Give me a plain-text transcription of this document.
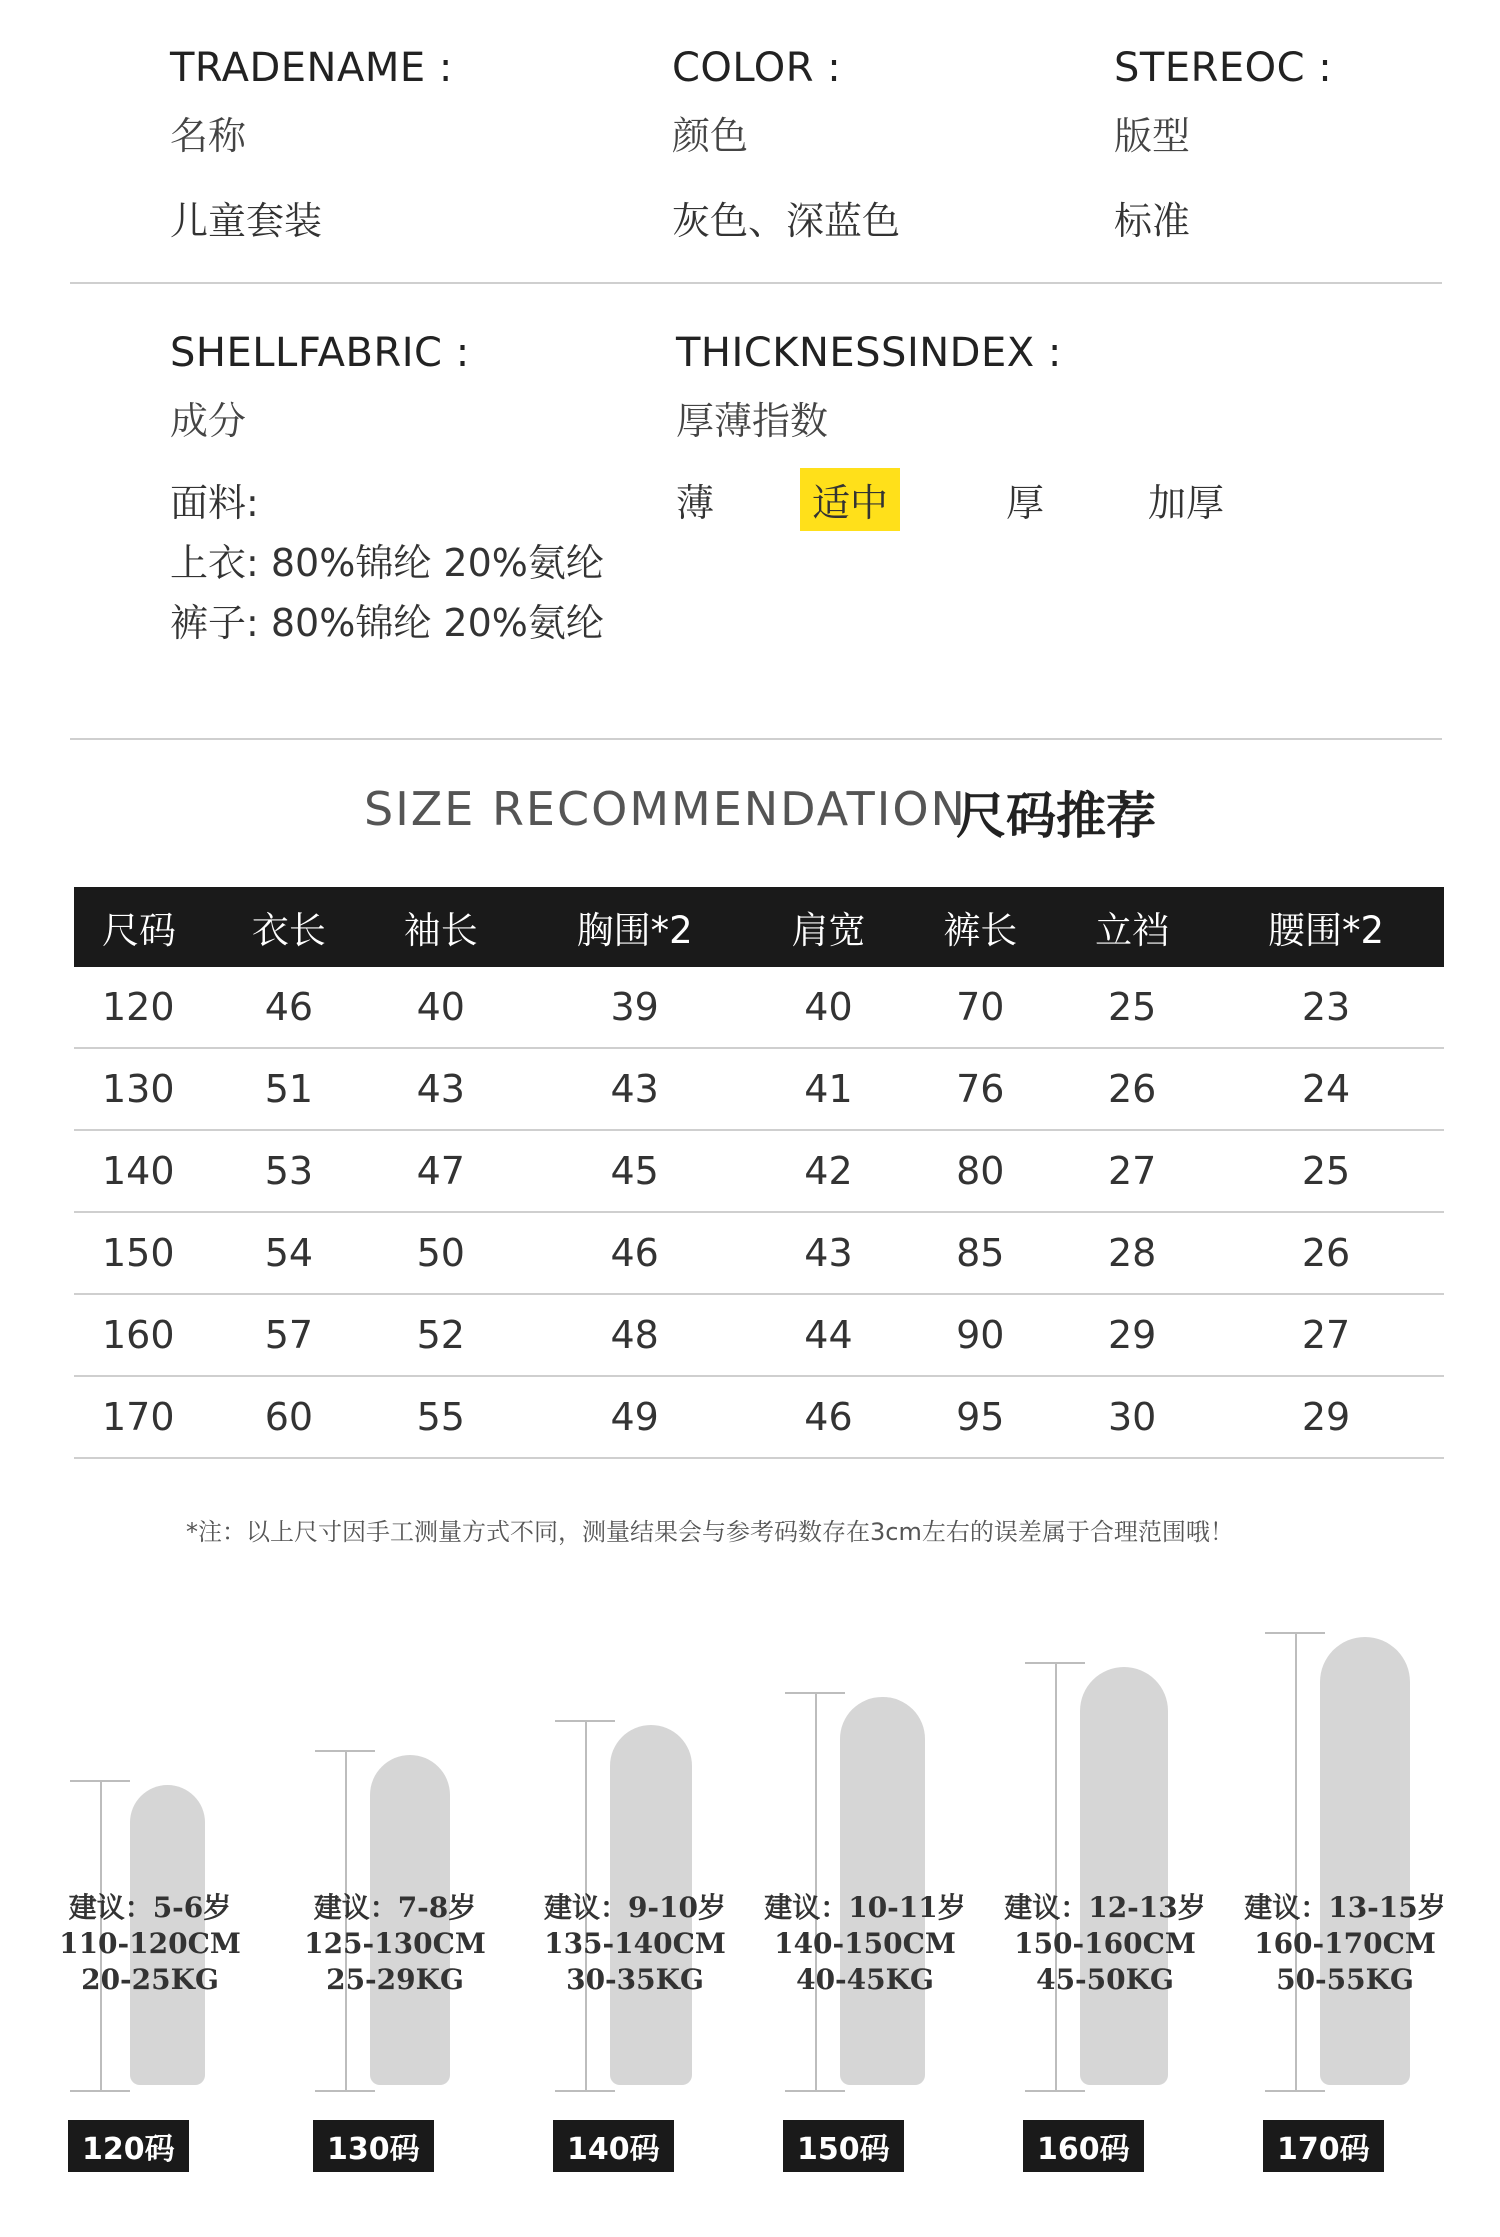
TRADENAME :
名称
儿童套装
COLOR :
颜色
灰色、深蓝色
STEREOC :
版型
标准
SHELLFABRIC :
成分
面料:
上衣: 80%锦纶 20%氨纶
裤子: 80%锦纶 20%氨纶
THICKNESSINDEX :
厚薄指数
薄	适中	厚	加厚
SIZE RECOMMENDATION
尺码推荐
尺码	衣长	袖长	胸围*2	肩宽	裤长	立裆	腰围*2
120	46	40	39	40	70	25	23
130	51	43	43	41	76	26	24
140	53	47	45	42	80	27	25
150	54	50	46	43	85	28	26
160	57	52	48	44	90	29	27
170	60	55	49	46	95	30	29
*注：以上尺寸因手工测量方式不同，测量结果会与参考码数存在3cm左右的误差属于合理范围哦！
建议：5-6岁
110-120CM
20-25KG
120码
建议：7-8岁
125-130CM
25-29KG
130码
建议：9-10岁
135-140CM
30-35KG
140码
建议：10-11岁
140-150CM
40-45KG
150码
建议：12-13岁
150-160CM
45-50KG
160码
建议：13-15岁
160-170CM
50-55KG
170码
